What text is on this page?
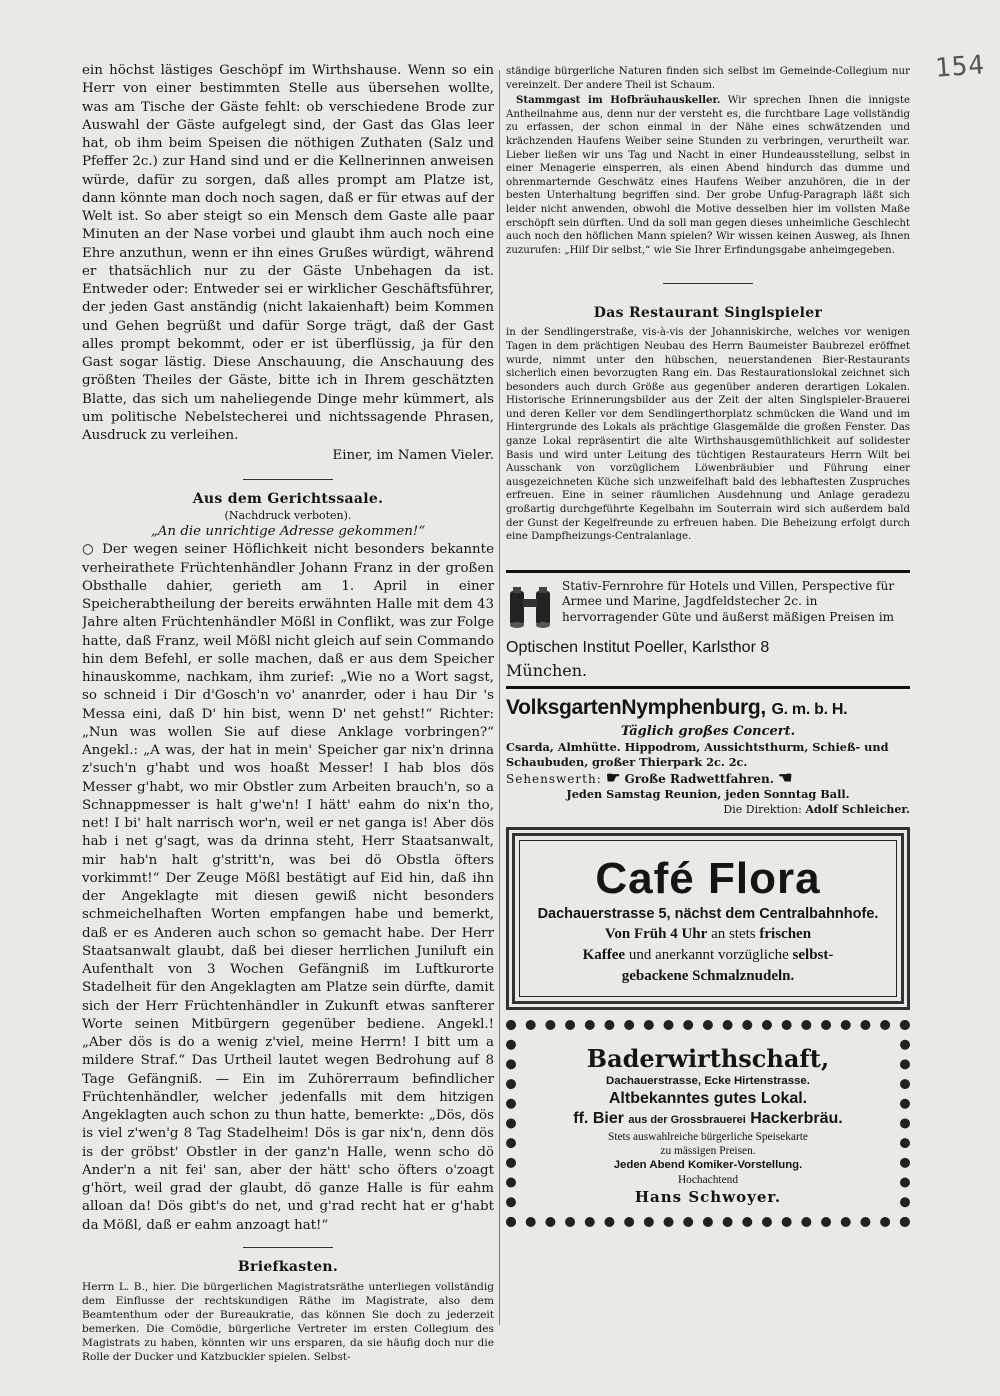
154

ein höchst lästiges Geschöpf im Wirthshause. Wenn so ein Herr von einer bestimmten Stelle aus übersehen wollte, was am Tische der Gäste fehlt: ob verschiedene Brode zur Auswahl der Gäste aufgelegt sind, der Gast das Glas leer hat, ob ihm beim Speisen die nöthigen Zuthaten (Salz und Pfeffer 2c.) zur Hand sind und er die Kellnerinnen anweisen würde, dafür zu sorgen, daß alles prompt am Platze ist, dann könnte man doch noch sagen, daß er für etwas auf der Welt ist. So aber steigt so ein Mensch dem Gaste alle paar Minuten an der Nase vorbei und glaubt ihm auch noch eine Ehre anzuthun, wenn er ihn eines Grußes würdigt, während er thatsächlich nur zu der Gäste Unbehagen da ist. Entweder oder: Entweder sei er wirklicher Geschäftsführer, der jeden Gast anständig (nicht lakaienhaft) beim Kommen und Gehen begrüßt und dafür Sorge trägt, daß der Gast alles prompt bekommt, oder er ist überflüssig, ja für den Gast sogar lästig. Diese Anschauung, die Anschauung des größten Theiles der Gäste, bitte ich in Ihrem geschätzten Blatte, das sich um naheliegende Dinge mehr kümmert, als um politische Nebelstecherei und nichtssagende Phrasen, Ausdruck zu verleihen.

Einer, im Namen Vieler.

Aus dem Gerichtssaale.

(Nachdruck verboten).

„An die unrichtige Adresse gekommen!“

○ Der wegen seiner Höflichkeit nicht besonders bekannte verheirathete Früchtenhändler Johann Franz in der großen Obsthalle dahier, gerieth am 1. April in einer Speicherabtheilung der bereits erwähnten Halle mit dem 43 Jahre alten Früchtenhändler Mößl in Conflikt, was zur Folge hatte, daß Franz, weil Mößl nicht gleich auf sein Commando hin dem Befehl, er solle machen, daß er aus dem Speicher hinauskomme, nachkam, ihm zurief: „Wie no a Wort sagst, so schneid i Dir d'Gosch'n vo' ananrder, oder i hau Dir 's Messa eini, daß D' hin bist, wenn D' net gehst!“ Richter: „Nun was wollen Sie auf diese Anklage vorbringen?“ Angekl.: „A was, der hat in mein' Speicher gar nix'n drinna z'such'n g'habt und wos hoaßt Messer! I hab blos dös Messer g'habt, wo mir Obstler zum Arbeiten brauch'n, so a Schnappmesser is halt g'we'n! I hätt' eahm do nix'n tho, net! I bi' halt narrisch wor'n, weil er net ganga is! Aber dös hab i net g'sagt, was da drinna steht, Herr Staatsanwalt, mir hab'n halt g'stritt'n, was bei dö Obstla öfters vorkimmt!“ Der Zeuge Mößl bestätigt auf Eid hin, daß ihn der Angeklagte mit diesen gewiß nicht besonders schmeichelhaften Worten empfangen habe und bemerkt, daß er es Anderen auch schon so gemacht habe. Der Herr Staatsanwalt glaubt, daß bei dieser herrlichen Juniluft ein Aufenthalt von 3 Wochen Gefängniß im Luftkurorte Stadelheit für den Angeklagten am Platze sein dürfte, damit sich der Herr Früchtenhändler in Zukunft etwas sanfterer Worte seinen Mitbürgern gegenüber bediene. Angekl.! „Aber dös is do a wenig z'viel, meine Herrn! I bitt um a mildere Straf.“ Das Urtheil lautet wegen Bedrohung auf 8 Tage Gefängniß. — Ein im Zuhörerraum befindlicher Früchtenhändler, welcher jedenfalls mit dem hitzigen Angeklagten auch schon zu thun hatte, bemerkte: „Dös, dös is viel z'wen'g 8 Tag Stadelheim! Dös is gar nix'n, denn dös is der gröbst' Obstler in der ganz'n Halle, wenn scho dö Ander'n a nit fei' san, aber der hätt' scho öfters o'zoagt g'hört, weil grad der glaubt, dö ganze Halle is für eahm alloan da! Dös gibt's do net, und g'rad recht hat er g'habt da Mößl, daß er eahm anzoagt hat!“

Briefkasten.

Herrn L. B., hier. Die bürgerlichen Magistratsräthe unterliegen vollständig dem Einflusse der rechtskundigen Räthe im Magistrate, also dem Beamtenthum oder der Bureaukratie, das können Sie doch zu jederzeit bemerken. Die Comödie, bürgerliche Vertreter im ersten Collegium des Magistrats zu haben, könnten wir uns ersparen, da sie häufig doch nur die Rolle der Ducker und Katzbuckler spielen. Selbst-

ständige bürgerliche Naturen finden sich selbst im Gemeinde-Collegium nur vereinzelt. Der andere Theil ist Schaum.

Stammgast im Hofbräuhauskeller. Wir sprechen Ihnen die innigste Antheilnahme aus, denn nur der versteht es, die furchtbare Lage vollständig zu erfassen, der schon einmal in der Nähe eines schwätzenden und krächzenden Haufens Weiber seine Stunden zu verbringen, verurtheilt war. Lieber ließen wir uns Tag und Nacht in einer Hundeausstellung, selbst in einer Menagerie einsperren, als einen Abend hindurch das dumme und ohrenmarternde Geschwätz eines Haufens Weiber anzuhören, die in der besten Unterhaltung begriffen sind. Der grobe Unfug-Paragraph läßt sich leider nicht anwenden, obwohl die Motive desselben hier im vollsten Maße erschöpft sein dürften. Und da soll man gegen dieses unheimliche Geschlecht auch noch den höflichen Mann spielen? Wir wissen keinen Ausweg, als Ihnen zuzurufen: „Hilf Dir selbst,“ wie Sie Ihrer Erfindungsgabe anheimgegeben.

Das Restaurant Singlspieler

in der Sendlingerstraße, vis-à-vis der Johanniskirche, welches vor wenigen Tagen in dem prächtigen Neubau des Herrn Baumeister Baubrezel eröffnet wurde, nimmt unter den hübschen, neuerstandenen Bier-Restaurants sicherlich einen bevorzugten Rang ein. Das Restaurationslokal zeichnet sich besonders auch durch Größe aus gegenüber anderen derartigen Lokalen. Historische Erinnerungsbilder aus der Zeit der alten Singlspieler-Brauerei und deren Keller vor dem Sendlingerthorplatz schmücken die Wand und im Hintergrunde des Lokals als prächtige Glasgemälde die großen Fenster. Das ganze Lokal repräsentirt die alte Wirthshausgemüthlichkeit auf solidester Basis und wird unter Leitung des tüchtigen Restaurateurs Herrn Wilt bei Ausschank von vorzüglichem Löwenbräubier und Führung einer ausgezeichneten Küche sich unzweifelhaft bald des lebhaftesten Zuspruches erfreuen. Eine in seiner räumlichen Ausdehnung und Anlage geradezu großartig durchgeführte Kegelbahn im Souterrain wird sich außerdem bald der Gunst der Kegelfreunde zu erfreuen haben. Die Beheizung erfolgt durch eine Dampfheizungs-Centralanlage.

Stativ-Fernrohre für Hotels und Villen, Perspective für Armee und Marine, Jagdfeldstecher 2c. in hervorragender Güte und äußerst mäßigen Preisen im

Optischen Institut Poeller, Karlsthor 8

München.

VolksgartenNymphenburg, G. m. b. H.

Täglich großes Concert.

Csarda, Almhütte. Hippodrom, Aussichtsthurm, Schieß- und Schaubuden, großer Thierpark 2c. 2c.

Sehenswerth: ☛ Große Radwettfahren. ☚

Jeden Samstag Reunion, jeden Sonntag Ball.

Die Direktion: Adolf Schleicher.

Café Flora

Dachauerstrasse 5, nächst dem Centralbahnhofe.

Von Früh 4 Uhr an stets frischen

Kaffee und anerkannt vorzügliche selbst-

gebackene Schmalznudeln.

Baderwirthschaft,

Dachauerstrasse, Ecke Hirtenstrasse.

Altbekanntes gutes Lokal.

ff. Bier aus der Grossbrauerei Hackerbräu.

Stets auswahlreiche bürgerliche Speisekarte

zu mässigen Preisen.

Jeden Abend Komiker-Vorstellung.

Hochachtend

Hans Schwoyer.
